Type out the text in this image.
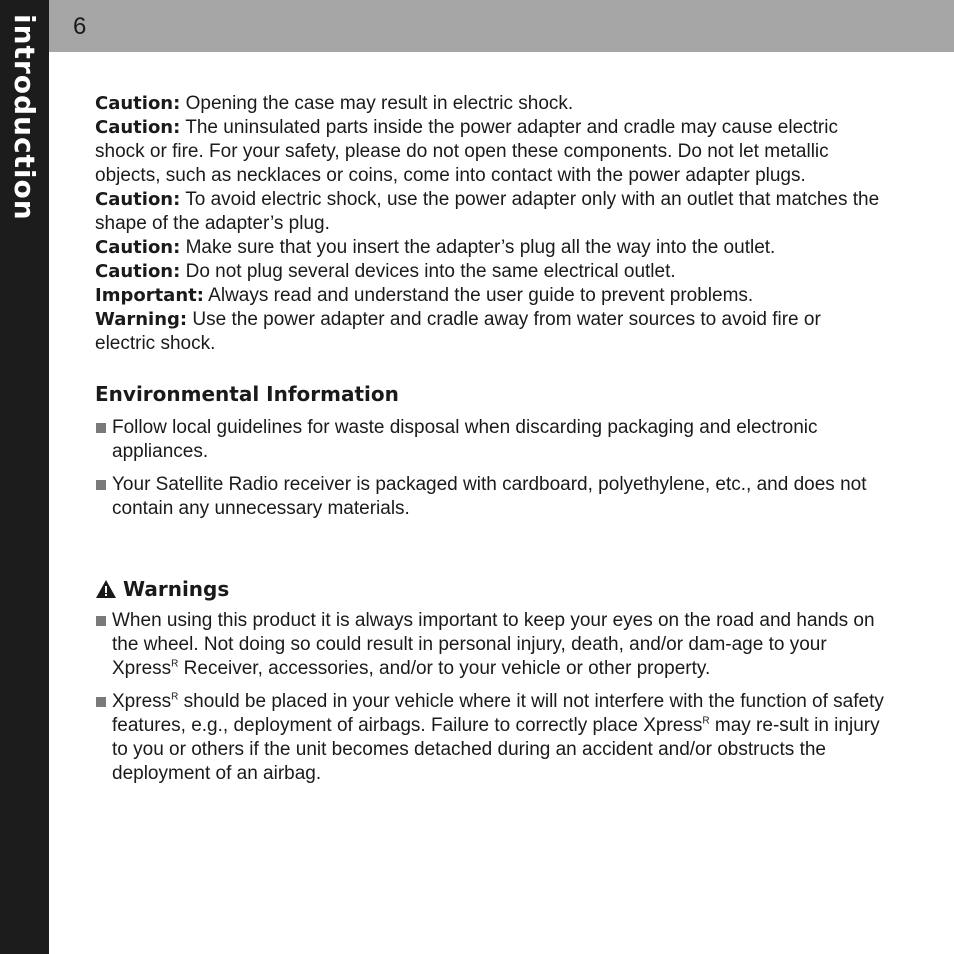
introduction 6

Caution: Opening the case may result in electric shock.

Caution: The uninsulated parts inside the power adapter and cradle may cause electric shock or fire. For your safety, please do not open these components. Do not let metallic objects, such as necklaces or coins, come into contact with the power adapter plugs.

Caution: To avoid electric shock, use the power adapter only with an outlet that matches the shape of the adapter’s plug.

Caution: Make sure that you insert the adapter’s plug all the way into the outlet.

Caution: Do not plug several devices into the same electrical outlet.

Important: Always read and understand the user guide to prevent problems.

Warning: Use the power adapter and cradle away from water sources to avoid fire or electric shock.

Environmental Information
Follow local guidelines for waste disposal when discarding packaging and electronic appliances.
Your Satellite Radio receiver is packaged with cardboard, polyethylene, etc., and does not contain any unnecessary materials.
Warnings
When using this product it is always important to keep your eyes on the road and hands on the wheel. Not doing so could result in personal injury, death, and/or dam-age to your Xpress$^R$ Receiver, accessories, and/or to your vehicle or other property.
Xpress$^R$ should be placed in your vehicle where it will not interfere with the function of safety features, e.g., deployment of airbags. Failure to correctly place Xpress$^R$ may re-sult in injury to you or others if the unit becomes detached during an accident and/or obstructs the deployment of an airbag.
